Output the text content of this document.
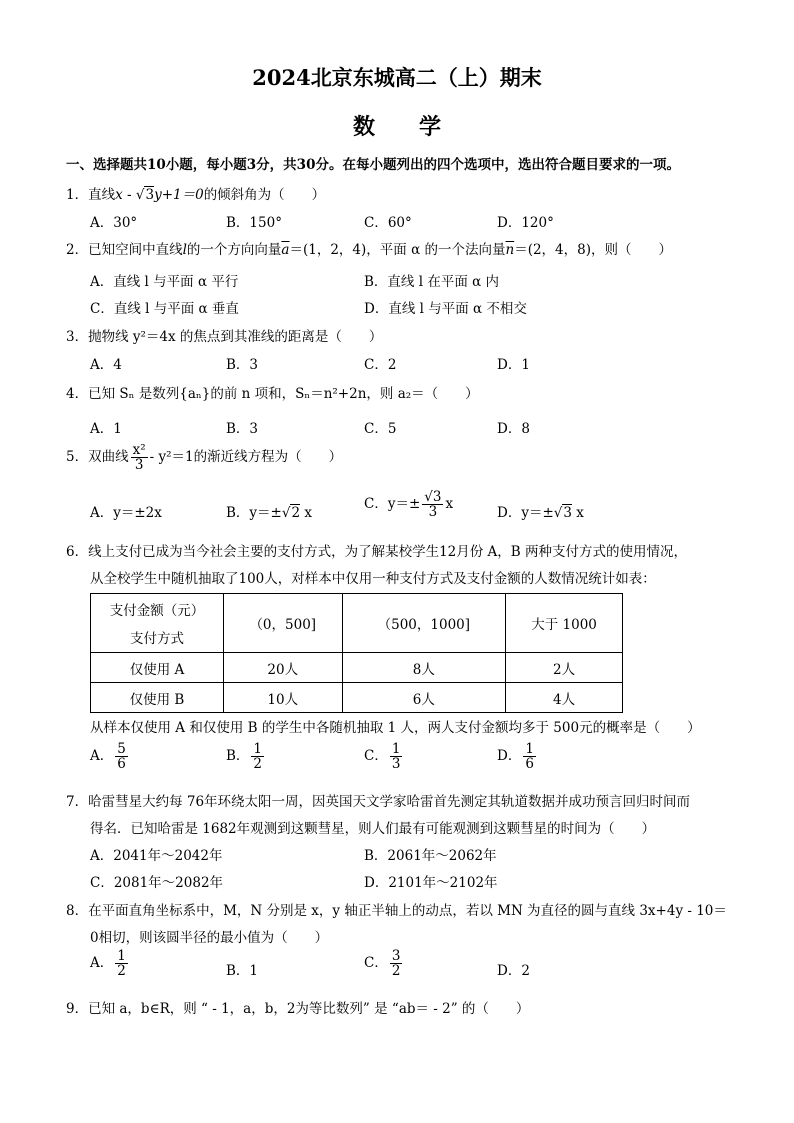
2024北京东城高二（上）期末
数学
一、选择题共10小题，每小题3分，共30分。在每小题列出的四个选项中，选出符合题目要求的一项。
1．直线x - √3y+1＝0的倾斜角为（　　）
A．30°	B．150°	C．60°	D．120°
2．已知空间中直线l的一个方向向量$\overline{a}=(1$，2，4)，平面 α 的一个法向量$\overline{n}=(2$，4，8)，则（　　）
A．直线 l 与平面 α 平行	B．直线 l 在平面 α 内
C．直线 l 与平面 α 垂直	D．直线 l 与平面 α 不相交
3．抛物线 y²＝4x 的焦点到其准线的距离是（　　）
A．4	B．3	C．2	D．1
4．已知 Sₙ 是数列{aₙ}的前 n 项和，Sₙ＝n²+2n，则 a₂＝（　　）
A．1	B．3	C．5	D．8
5．双曲线 $\frac{\text{x²}}{3} - y^2=1$的渐近线方程为（　　）
A．y＝±2x	B．y＝±√2 x
C．$y=\pm \frac{√3}{3}$ x
D．y＝±√3 x
6．线上支付已成为当今社会主要的支付方式，为了解某校学生12月份 A，B 两种支付方式的使用情况，
从全校学生中随机抽取了100人，对样本中仅用一种支付方式及支付金额的人数情况统计如表：
支付金额（元）
支付方式	（0，500]	（500，1000]	大于 1000
仅使用 A	20人	8人	2人
仅使用 B	10人	6人	4人
从样本仅使用 A 和仅使用 B 的学生中各随机抽取 1 人，两人支付金额均多于 500元的概率是（　　）
A． $\frac{5}{6}$	B． $\frac{1}{2}$	C． $\frac{1}{3}$	D． $\frac{1}{6}$
7．哈雷彗星大约每 76年环绕太阳一周，因英国天文学家哈雷首先测定其轨道数据并成功预言回归时间而
得名．已知哈雷是 1682年观测到这颗彗星，则人们最有可能观测到这颗彗星的时间为（　　）
A．2041年～2042年	B．2061年～2062年
C．2081年～2082年	D．2101年～2102年
8．在平面直角坐标系中，M，N 分别是 x，y 轴正半轴上的动点，若以 MN 为直径的圆与直线 3x+4y - 10＝
0相切，则该圆半径的最小值为（　　）
A． $\frac{1}{2}$	B．1	C． $\frac{3}{2}$	D．2
9．已知 a，b∈R，则 “ - 1，a，b，2为等比数列” 是 “ab＝ - 2” 的（　　）
